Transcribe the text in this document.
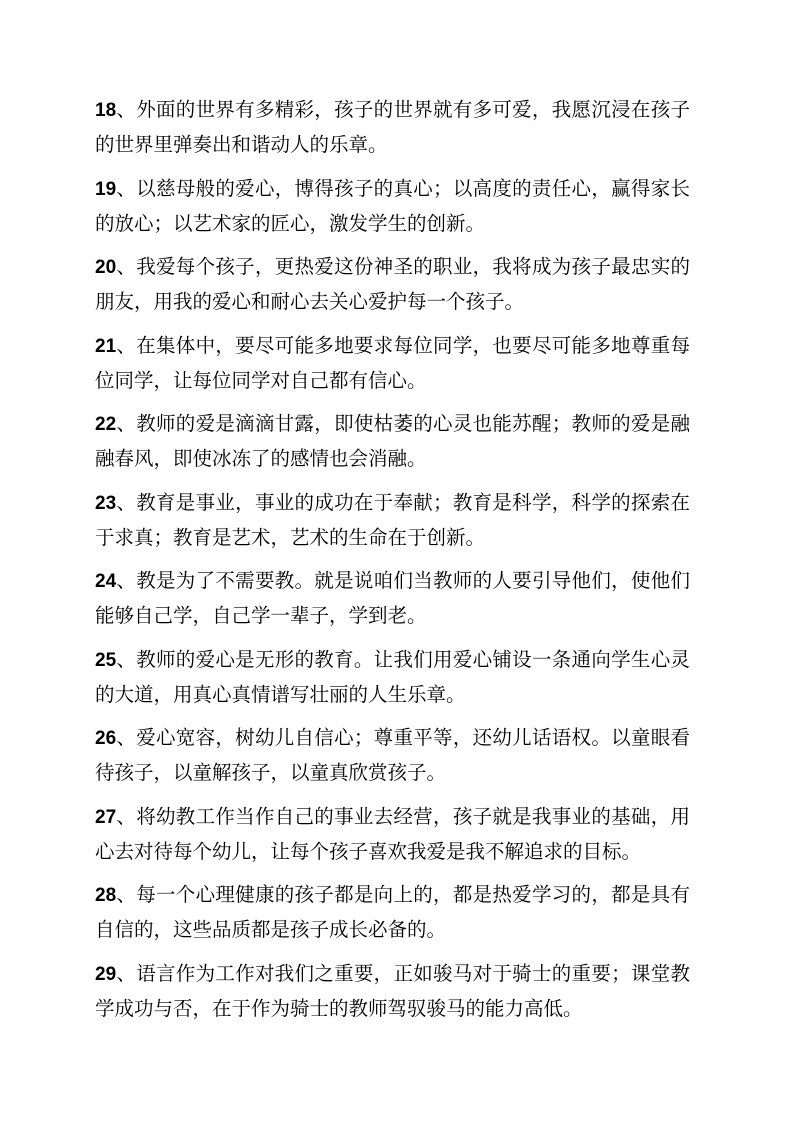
18、外面的世界有多精彩，孩子的世界就有多可爱，我愿沉浸在孩子的世界里弹奏出和谐动人的乐章。

19、以慈母般的爱心，博得孩子的真心；以高度的责任心，赢得家长的放心；以艺术家的匠心，激发学生的创新。

20、我爱每个孩子，更热爱这份神圣的职业，我将成为孩子最忠实的朋友，用我的爱心和耐心去关心爱护每一个孩子。

21、在集体中，要尽可能多地要求每位同学，也要尽可能多地尊重每位同学，让每位同学对自己都有信心。

22、教师的爱是滴滴甘露，即使枯萎的心灵也能苏醒；教师的爱是融融春风，即使冰冻了的感情也会消融。

23、教育是事业，事业的成功在于奉献；教育是科学，科学的探索在于求真；教育是艺术，艺术的生命在于创新。

24、教是为了不需要教。就是说咱们当教师的人要引导他们，使他们能够自己学，自己学一辈子，学到老。

25、教师的爱心是无形的教育。让我们用爱心铺设一条通向学生心灵的大道，用真心真情谱写壮丽的人生乐章。

26、爱心宽容，树幼儿自信心；尊重平等，还幼儿话语权。以童眼看待孩子，以童解孩子，以童真欣赏孩子。

27、将幼教工作当作自己的事业去经营，孩子就是我事业的基础，用心去对待每个幼儿，让每个孩子喜欢我爱是我不解追求的目标。

28、每一个心理健康的孩子都是向上的，都是热爱学习的，都是具有自信的，这些品质都是孩子成长必备的。

29、语言作为工作对我们之重要，正如骏马对于骑士的重要；课堂教学成功与否，在于作为骑士的教师驾驭骏马的能力高低。
